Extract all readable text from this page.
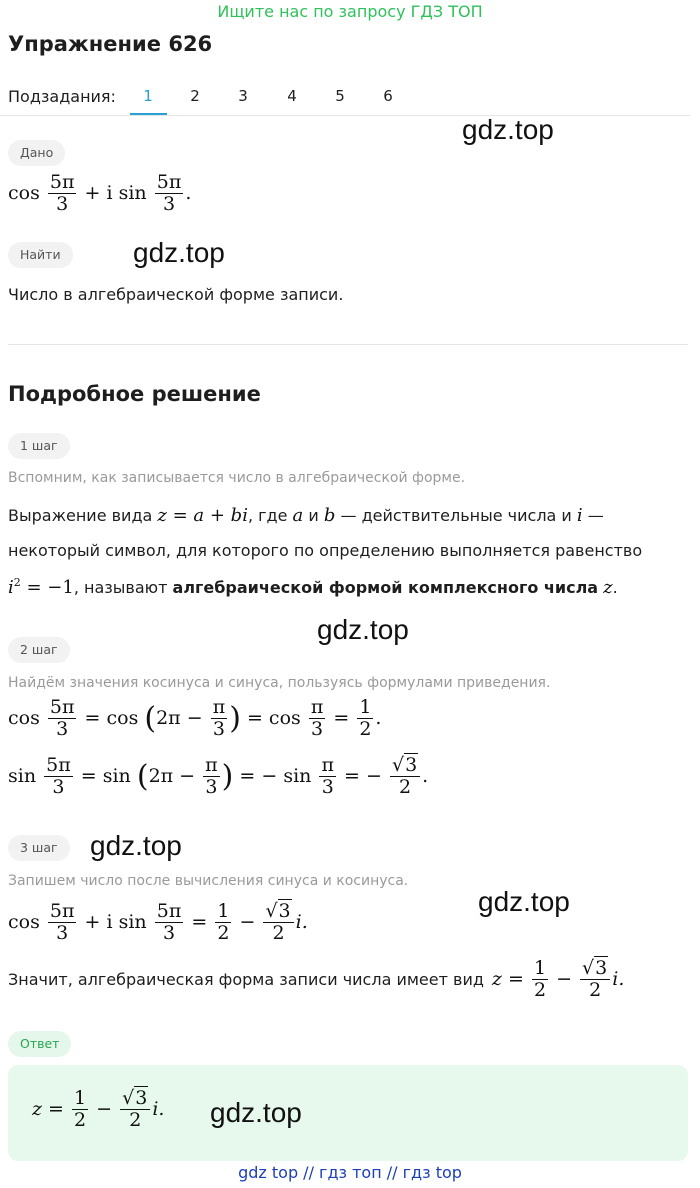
Ищите нас по запросу ГДЗ ТОП
Упражнение 626
Подзадания:	1	2	3	4	5	6
Дано
$\cos \frac{5\pi}{3} + i$ $\sin \frac{5\pi}{3}$ .
Найти
Число в алгебраической форме записи.
Подробное решение
1 шаг
Вспомним, как записывается число в алгебраической форме.
Выражение вида z = a + bi, где a и b — действительные числа и i —
некоторый символ, для которого по определению выполняется равенство
$i^2 = -1$, называют алгебраической формой комплексного числа z.
2 шаг
Найдём значения косинуса и синуса, пользуясь формулами приведения.
$\cos \frac{5\pi}{3} = \cos (2\pi - \frac{\pi}{3}$ ) = $\cos \frac{\pi}{3} = \frac{1}{2}$ .
$\sin \frac{5\pi}{3} = \sin (2\pi - \frac{\pi}{3}$ ) = − $\sin \frac{\pi}{3}$ = − $\frac{√3}{2}$ .
3 шаг
Запишем число после вычисления синуса и косинуса.
$\cos \frac{5\pi}{3} + i$ $\sin \frac{5\pi}{3} = \frac{1}{2} - \frac{√3}{2} i$.
Значит, алгебраическая форма записи числа имеет вид $z = \frac{1}{2} - \frac{√3}{2} i$.
Ответ
$z = \frac{1}{2} - \frac{√3}{2} i$.
gdz.top
gdz.top
gdz.top
gdz.top
gdz.top
gdz.top
gdz top // гдз топ // гдз top
